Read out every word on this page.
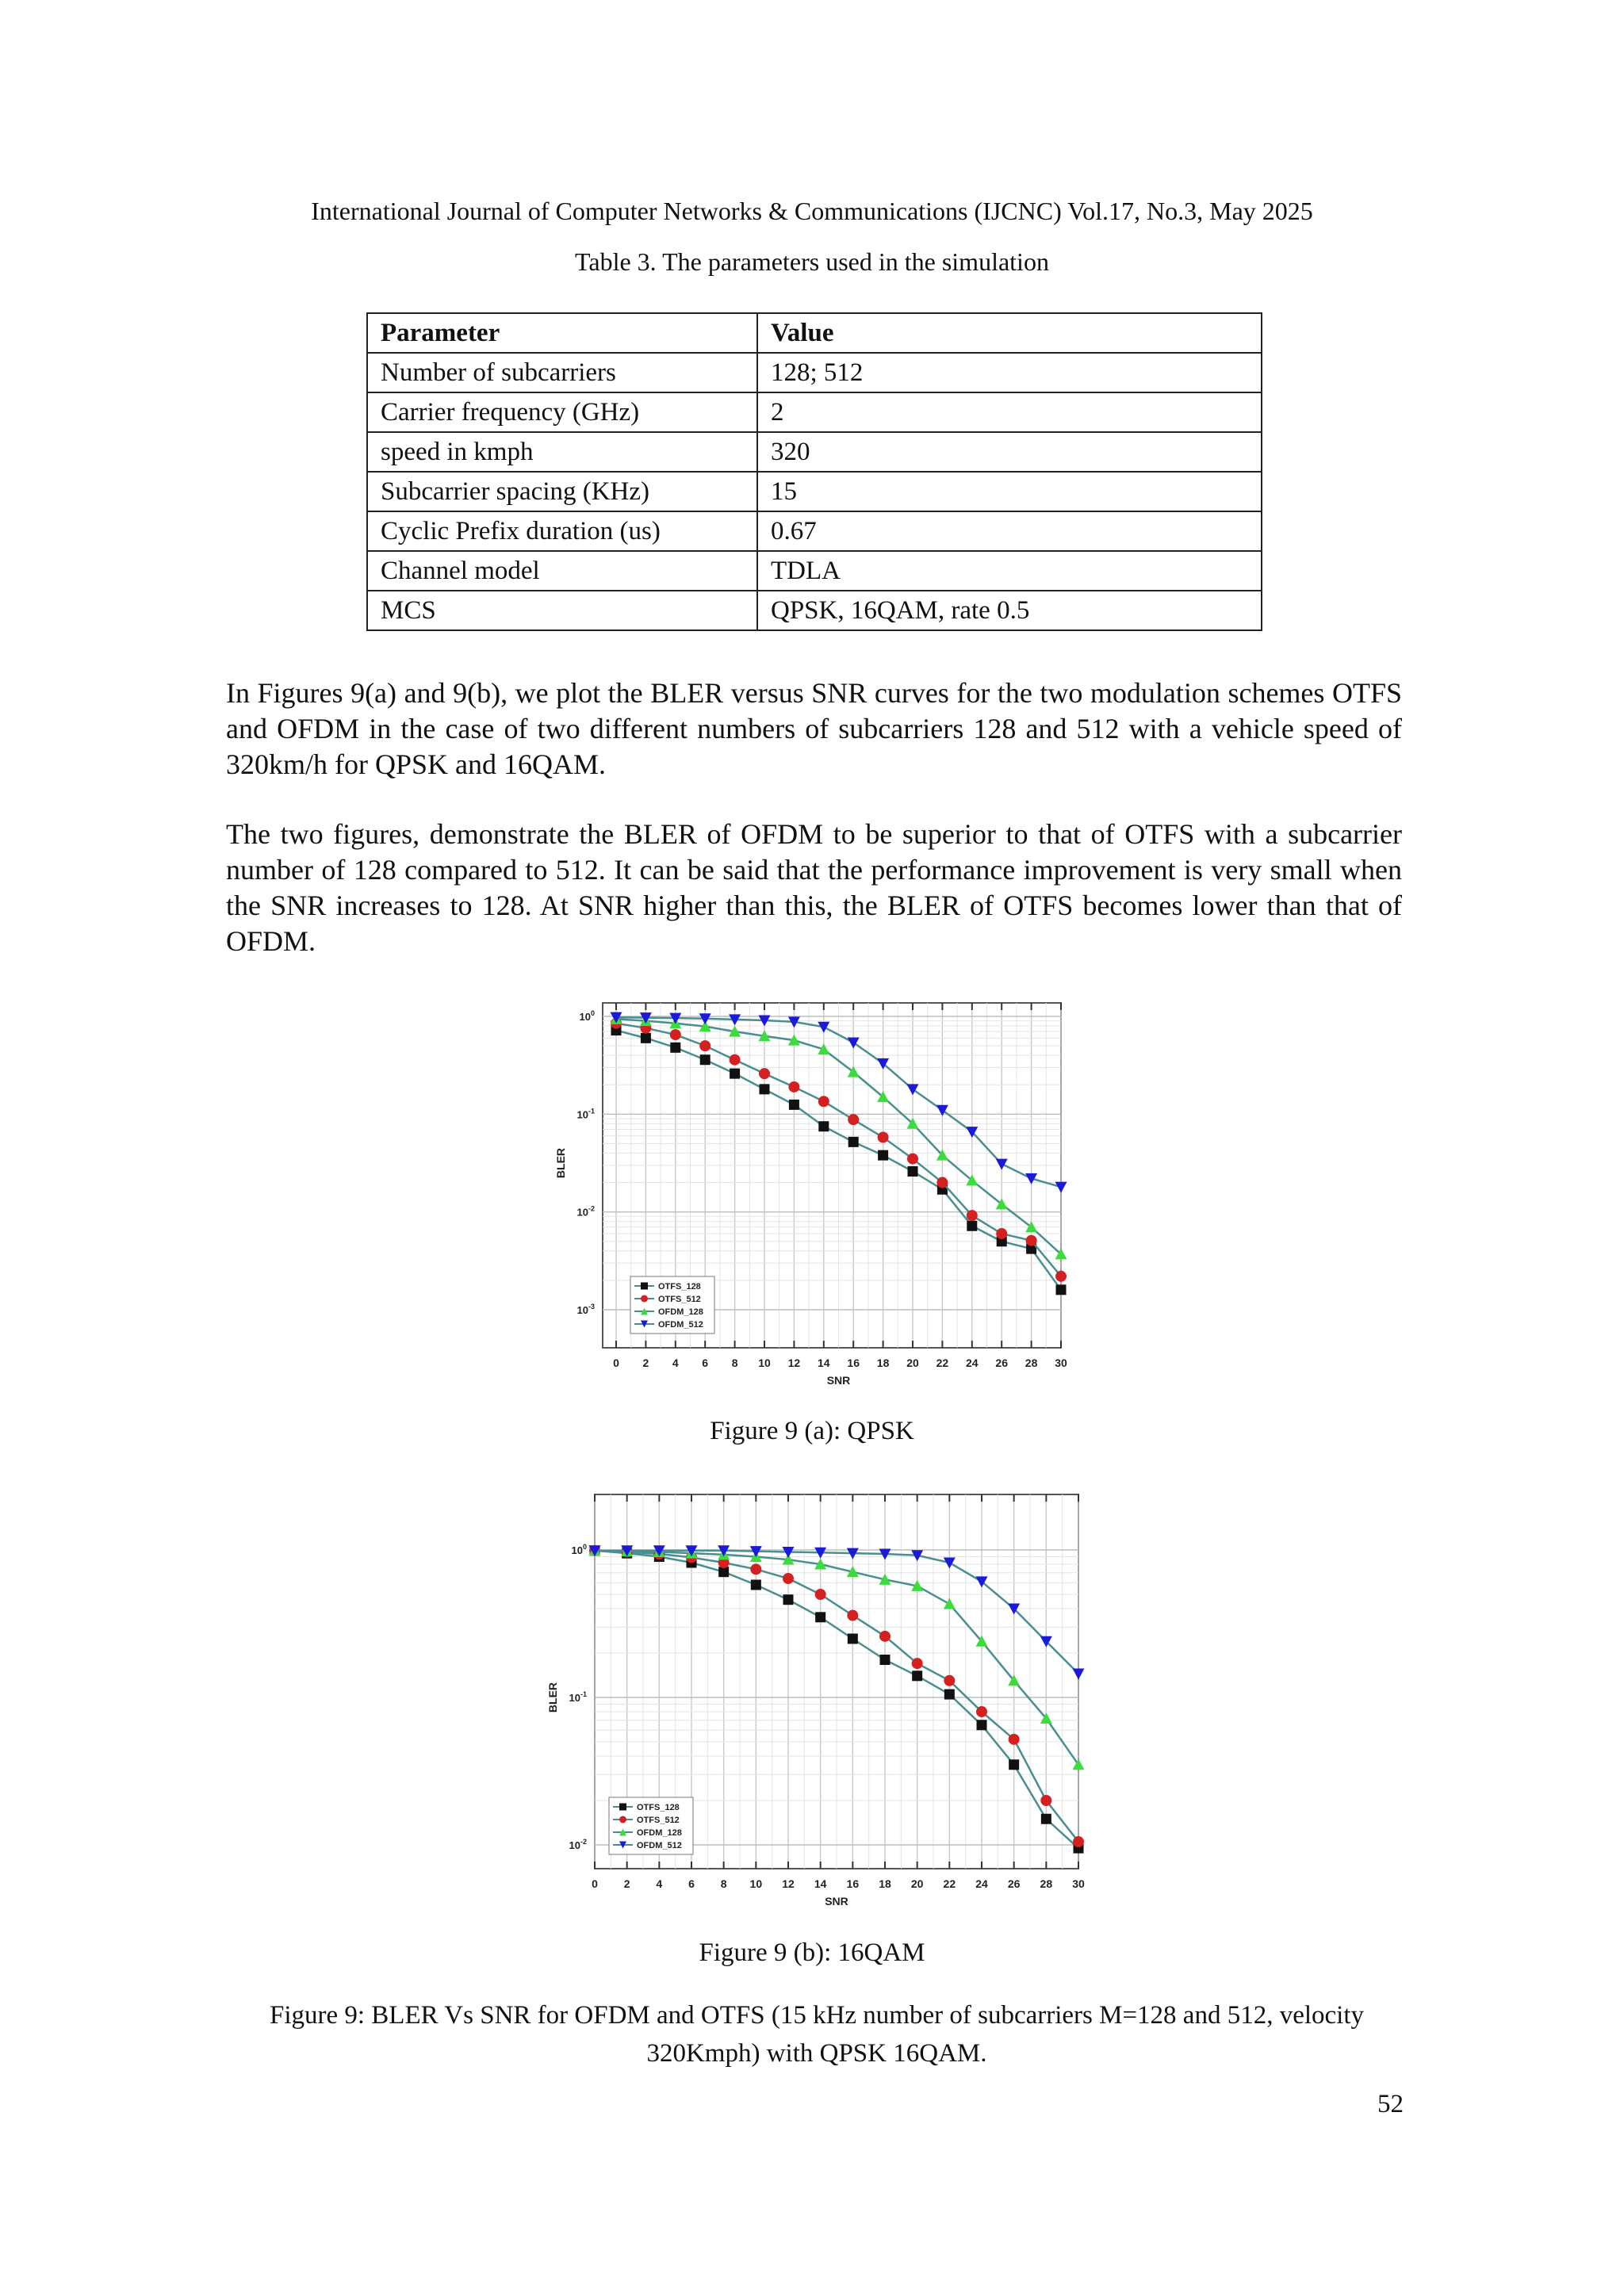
International Journal of Computer Networks & Communications (IJCNC) Vol.17, No.3, May 2025
Table 3. The parameters used in the simulation
Parameter	Value
Number of subcarriers	128; 512
Carrier frequency (GHz)	2
speed in kmph	320
Subcarrier spacing (KHz)	15
Cyclic Prefix duration (us)	0.67
Channel model	TDLA
MCS	QPSK, 16QAM, rate 0.5
In Figures 9(a) and 9(b), we plot the BLER versus SNR curves for the two modulation schemes OTFS and OFDM in the case of two different numbers of subcarriers 128 and 512 with a vehicle speed of 320km/h for QPSK and 16QAM.
The two figures, demonstrate the BLER of OFDM to be superior to that of OTFS with a subcarrier number of 128 compared to 512. It can be said that the performance improvement is very small when the SNR increases to 128. At SNR higher than this, the BLER of OTFS becomes lower than that of OFDM.
0 2 4 6 8 10 12 14 16 18 20 22 24 26 28 30
SNR
$10^0$
$10^{-1}$
$10^{-2}$
$10^{-3}$
BLER
OTFS_128
OTFS_512
OFDM_128
OFDM_512
Figure 9 (a): QPSK
0 2 4 6 8 10 12 14 16 18 20 22 24 26 28 30
SNR
$10^0$
$10^{-1}$
$10^{-2}$
BLER
OTFS_128
OTFS_512
OFDM_128
OFDM_512
Figure 9 (b): 16QAM
Figure 9: BLER Vs SNR for OFDM and OTFS (15 kHz number of subcarriers M=128 and 512, velocity 320Kmph) with QPSK 16QAM.
52
